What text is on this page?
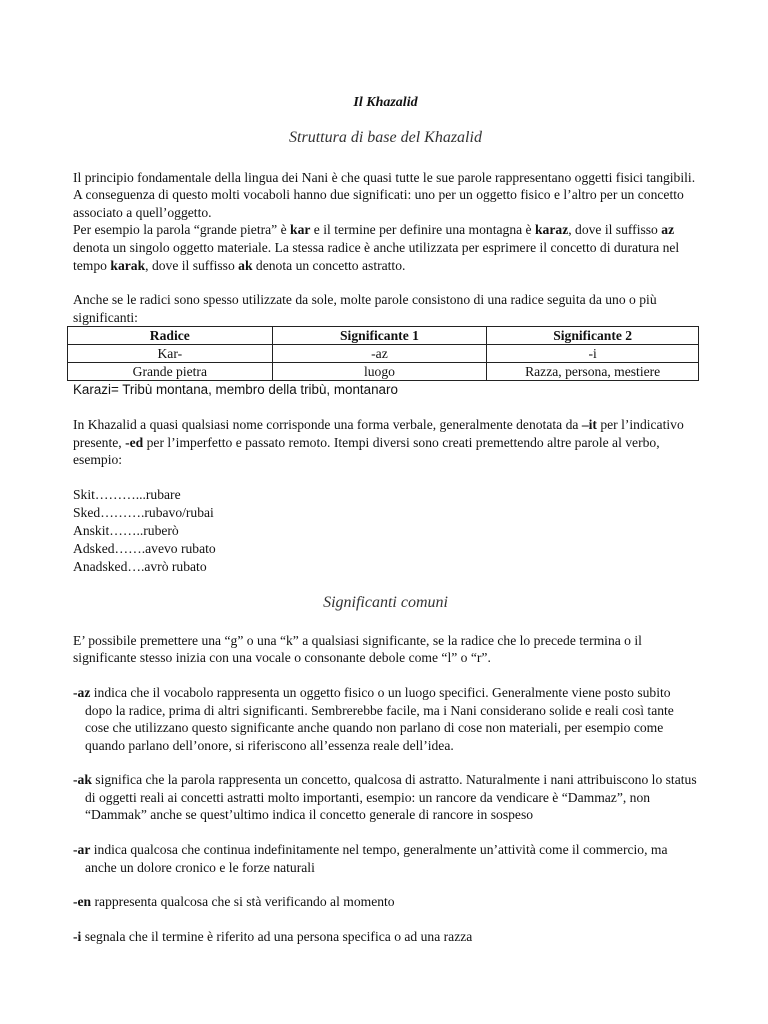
Il Khazalid
Struttura di base del Khazalid
Il principio fondamentale della lingua dei Nani è che quasi tutte le sue parole rappresentano oggetti fisici tangibili. A conseguenza di questo molti vocaboli hanno due significati: uno per un oggetto fisico e l’altro per un concetto associato a quell’oggetto.
Per esempio la parola “grande pietra” è kar e il termine per definire una montagna è karaz, dove il suffisso az denota un singolo oggetto materiale. La stessa radice è anche utilizzata per esprimere il concetto di duratura nel tempo karak, dove il suffisso ak denota un concetto astratto.
Anche se le radici sono spesso utilizzate da sole, molte parole consistono di una radice seguita da uno o più significanti:
Radice	Significante 1	Significante 2
Kar-	-az	-i
Grande pietra	luogo	Razza, persona, mestiere
Karazi= Tribù montana, membro della tribù, montanaro
In Khazalid a quasi qualsiasi nome corrisponde una forma verbale, generalmente denotata da –it per l’indicativo presente, -ed per l’imperfetto e passato remoto. Itempi diversi sono creati premettendo altre parole al verbo, esempio:
Skit………...rubare
Sked……….rubavo/rubai
Anskit……..ruberò
Adsked…….avevo rubato
Anadsked….avrò rubato
Significanti comuni
E’ possibile premettere una “g” o una “k” a qualsiasi significante, se la radice che lo precede termina o il significante stesso inizia con una vocale o consonante debole come “l” o “r”.
-az indica che il vocabolo rappresenta un oggetto fisico o un luogo specifici. Generalmente viene posto subito dopo la radice, prima di altri significanti. Sembrerebbe facile, ma i Nani considerano solide e reali così tante cose che utilizzano questo significante anche quando non parlano di cose non materiali, per esempio come quando parlano dell’onore, si riferiscono all’essenza reale dell’idea.
-ak significa che la parola rappresenta un concetto, qualcosa di astratto. Naturalmente i nani attribuiscono lo status di oggetti reali ai concetti astratti molto importanti, esempio: un rancore da vendicare è “Dammaz”, non “Dammak” anche se quest’ultimo indica il concetto generale di rancore in sospeso
-ar indica qualcosa che continua indefinitamente nel tempo, generalmente un’attività come il commercio, ma anche un dolore cronico e le forze naturali
-en rappresenta qualcosa che si stà verificando al momento
-i segnala che il termine è riferito ad una persona specifica o ad una razza
